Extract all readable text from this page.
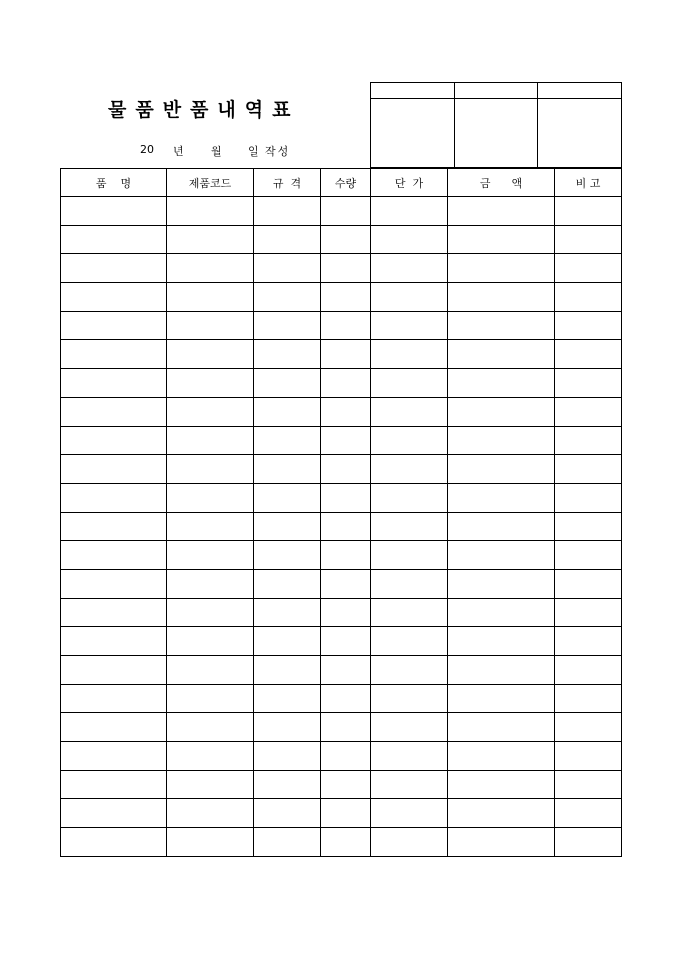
물품반품내역표
20 년 월 일 작성

품    명	제품코드	규  격	수량	단  가	금      액	비 고
